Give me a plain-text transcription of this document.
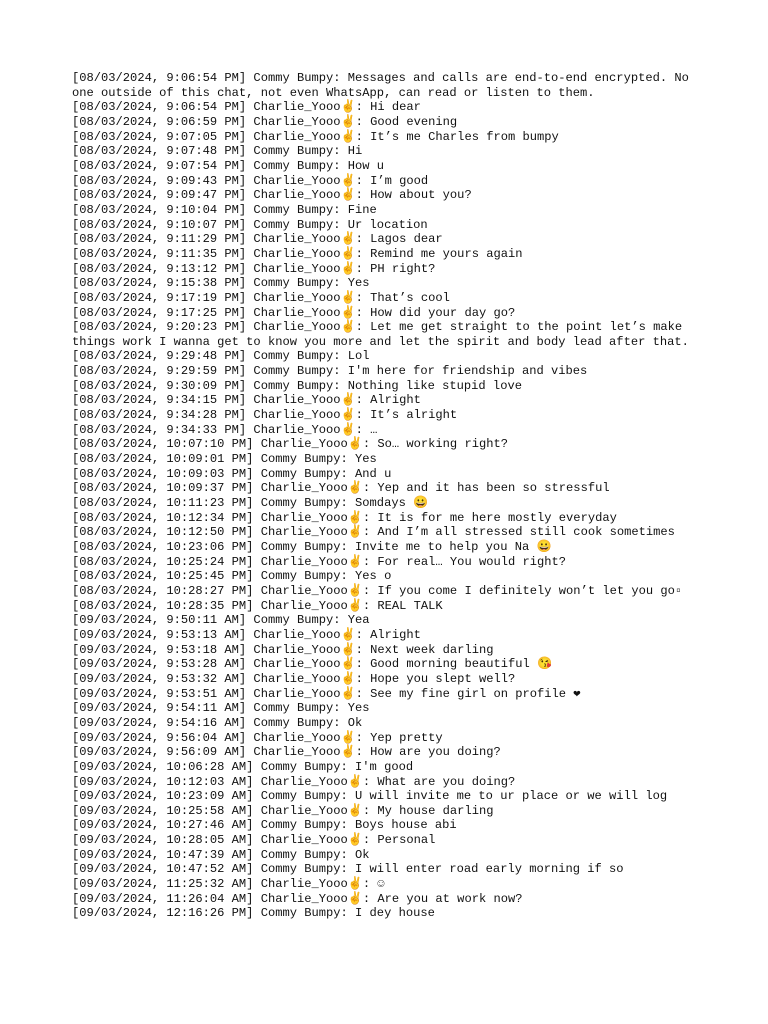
[08/03/2024, 9:06:54 PM] Commy Bumpy: Messages and calls are end-to-end encrypted. No one outside of this chat, not even WhatsApp, can read or listen to them.
[08/03/2024, 9:06:54 PM] Charlie_Yooo✌️: Hi dear
[08/03/2024, 9:06:59 PM] Charlie_Yooo✌️: Good evening
[08/03/2024, 9:07:05 PM] Charlie_Yooo✌️: It’s me Charles from bumpy
[08/03/2024, 9:07:48 PM] Commy Bumpy: Hi
[08/03/2024, 9:07:54 PM] Commy Bumpy: How u
[08/03/2024, 9:09:43 PM] Charlie_Yooo✌️: I’m good
[08/03/2024, 9:09:47 PM] Charlie_Yooo✌️: How about you?
[08/03/2024, 9:10:04 PM] Commy Bumpy: Fine
[08/03/2024, 9:10:07 PM] Commy Bumpy: Ur location
[08/03/2024, 9:11:29 PM] Charlie_Yooo✌️: Lagos dear
[08/03/2024, 9:11:35 PM] Charlie_Yooo✌️: Remind me yours again
[08/03/2024, 9:13:12 PM] Charlie_Yooo✌️: PH right?
[08/03/2024, 9:15:38 PM] Commy Bumpy: Yes
[08/03/2024, 9:17:19 PM] Charlie_Yooo✌️: That’s cool
[08/03/2024, 9:17:25 PM] Charlie_Yooo✌️: How did your day go?
[08/03/2024, 9:20:23 PM] Charlie_Yooo✌️: Let me get straight to the point let’s make things work I wanna get to know you more and let the spirit and body lead after that.
[08/03/2024, 9:29:48 PM] Commy Bumpy: Lol
[08/03/2024, 9:29:59 PM] Commy Bumpy: I'm here for friendship and vibes
[08/03/2024, 9:30:09 PM] Commy Bumpy: Nothing like stupid love
[08/03/2024, 9:34:15 PM] Charlie_Yooo✌️: Alright
[08/03/2024, 9:34:28 PM] Charlie_Yooo✌️: It’s alright
[08/03/2024, 9:34:33 PM] Charlie_Yooo✌️: …
[08/03/2024, 10:07:10 PM] Charlie_Yooo✌️: So… working right?
[08/03/2024, 10:09:01 PM] Commy Bumpy: Yes
[08/03/2024, 10:09:03 PM] Commy Bumpy: And u
[08/03/2024, 10:09:37 PM] Charlie_Yooo✌️: Yep and it has been so stressful
[08/03/2024, 10:11:23 PM] Commy Bumpy: Somdays 😀
[08/03/2024, 10:12:34 PM] Charlie_Yooo✌️: It is for me here mostly everyday
[08/03/2024, 10:12:50 PM] Charlie_Yooo✌️: And I’m all stressed still cook sometimes
[08/03/2024, 10:23:06 PM] Commy Bumpy: Invite me to help you Na 😀
[08/03/2024, 10:25:24 PM] Charlie_Yooo✌️: For real… You would right?
[08/03/2024, 10:25:45 PM] Commy Bumpy: Yes o
[08/03/2024, 10:28:27 PM] Charlie_Yooo✌️: If you come I definitely won’t let you go▫
[08/03/2024, 10:28:35 PM] Charlie_Yooo✌️: REAL TALK
[09/03/2024, 9:50:11 AM] Commy Bumpy: Yea
[09/03/2024, 9:53:13 AM] Charlie_Yooo✌️: Alright
[09/03/2024, 9:53:18 AM] Charlie_Yooo✌️: Next week darling
[09/03/2024, 9:53:28 AM] Charlie_Yooo✌️: Good morning beautiful 😘
[09/03/2024, 9:53:32 AM] Charlie_Yooo✌️: Hope you slept well?
[09/03/2024, 9:53:51 AM] Charlie_Yooo✌️: See my fine girl on profile ❤
[09/03/2024, 9:54:11 AM] Commy Bumpy: Yes
[09/03/2024, 9:54:16 AM] Commy Bumpy: Ok
[09/03/2024, 9:56:04 AM] Charlie_Yooo✌️: Yep pretty
[09/03/2024, 9:56:09 AM] Charlie_Yooo✌️: How are you doing?
[09/03/2024, 10:06:28 AM] Commy Bumpy: I'm good
[09/03/2024, 10:12:03 AM] Charlie_Yooo✌️: What are you doing?
[09/03/2024, 10:23:09 AM] Commy Bumpy: U will invite me to ur place or we will log
[09/03/2024, 10:25:58 AM] Charlie_Yooo✌️: My house darling
[09/03/2024, 10:27:46 AM] Commy Bumpy: Boys house abi
[09/03/2024, 10:28:05 AM] Charlie_Yooo✌️: Personal
[09/03/2024, 10:47:39 AM] Commy Bumpy: Ok
[09/03/2024, 10:47:52 AM] Commy Bumpy: I will enter road early morning if so
[09/03/2024, 11:25:32 AM] Charlie_Yooo✌️: ☺
[09/03/2024, 11:26:04 AM] Charlie_Yooo✌️: Are you at work now?
[09/03/2024, 12:16:26 PM] Commy Bumpy: I dey house
